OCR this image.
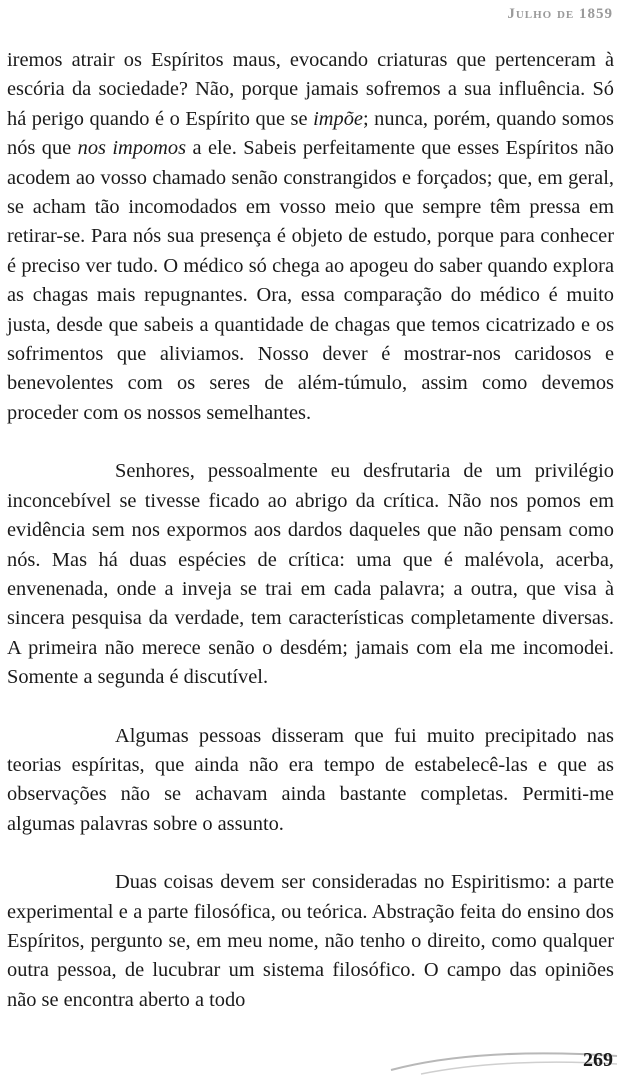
Julho de 1859

iremos atrair os Espíritos maus, evocando criaturas que pertenceram à escória da sociedade? Não, porque jamais sofremos a sua influência. Só há perigo quando é o Espírito que se impõe; nunca, porém, quando somos nós que nos impomos a ele. Sabeis perfeitamente que esses Espíritos não acodem ao vosso chamado senão constrangidos e forçados; que, em geral, se acham tão incomodados em vosso meio que sempre têm pressa em retirar-se. Para nós sua presença é objeto de estudo, porque para conhecer é preciso ver tudo. O médico só chega ao apogeu do saber quando explora as chagas mais repugnantes. Ora, essa comparação do médico é muito justa, desde que sabeis a quantidade de chagas que temos cicatrizado e os sofrimentos que aliviamos. Nosso dever é mostrar-nos caridosos e benevolentes com os seres de além-túmulo, assim como devemos proceder com os nossos semelhantes.

Senhores, pessoalmente eu desfrutaria de um privilégio inconcebível se tivesse ficado ao abrigo da crítica. Não nos pomos em evidência sem nos expormos aos dardos daqueles que não pensam como nós. Mas há duas espécies de crítica: uma que é malévola, acerba, envenenada, onde a inveja se trai em cada palavra; a outra, que visa à sincera pesquisa da verdade, tem características completamente diversas. A primeira não merece senão o desdém; jamais com ela me incomodei. Somente a segunda é discutível.

Algumas pessoas disseram que fui muito precipitado nas teorias espíritas, que ainda não era tempo de estabelecê-las e que as observações não se achavam ainda bastante completas. Permiti-me algumas palavras sobre o assunto.

Duas coisas devem ser consideradas no Espiritismo: a parte experimental e a parte filosófica, ou teórica. Abstração feita do ensino dos Espíritos, pergunto se, em meu nome, não tenho o direito, como qualquer outra pessoa, de lucubrar um sistema filosófico. O campo das opiniões não se encontra aberto a todo

269
